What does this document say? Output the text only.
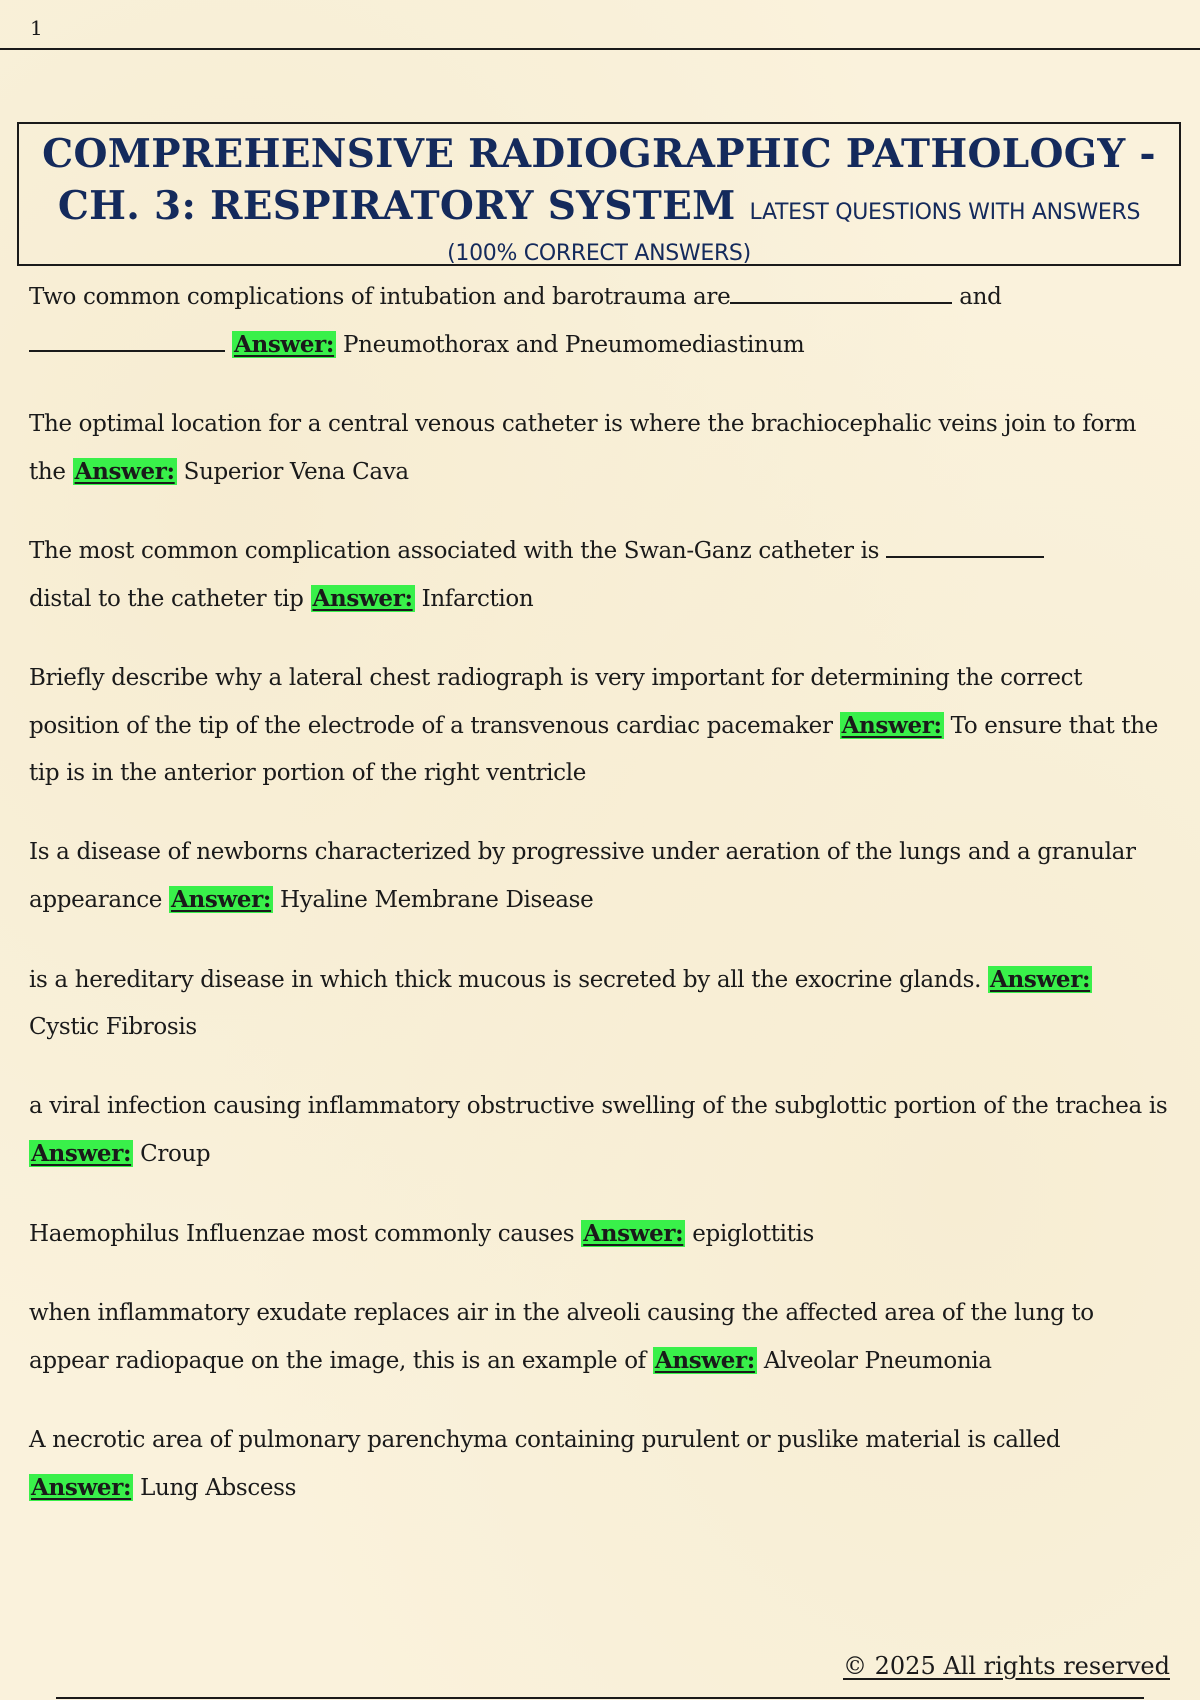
1
COMPREHENSIVE RADIOGRAPHIC PATHOLOGY -
CH. 3: RESPIRATORY SYSTEM LATEST QUESTIONS WITH ANSWERS
(100% CORRECT ANSWERS)

Two common complications of intubation and barotrauma are	and
Answer: Pneumothorax and Pneumomediastinum

The optimal location for a central venous catheter is where the brachiocephalic veins join to form the Answer: Superior Vena Cava

The most common complication associated with the Swan-Ganz catheter is
distal to the catheter tip Answer: Infarction

Briefly describe why a lateral chest radiograph is very important for determining the correct position of the tip of the electrode of a transvenous cardiac pacemaker Answer: To ensure that the tip is in the anterior portion of the right ventricle

Is a disease of newborns characterized by progressive under aeration of the lungs and a granular appearance Answer: Hyaline Membrane Disease

is a hereditary disease in which thick mucous is secreted by all the exocrine glands. Answer:
Cystic Fibrosis

a viral infection causing inflammatory obstructive swelling of the subglottic portion of the trachea is Answer: Croup

Haemophilus Influenzae most commonly causes Answer: epiglottitis

when inflammatory exudate replaces air in the alveoli causing the affected area of the lung to appear radiopaque on the image, this is an example of Answer: Alveolar Pneumonia

A necrotic area of pulmonary parenchyma containing purulent or puslike material is called
Answer: Lung Abscess

© 2025 All rights reserved
